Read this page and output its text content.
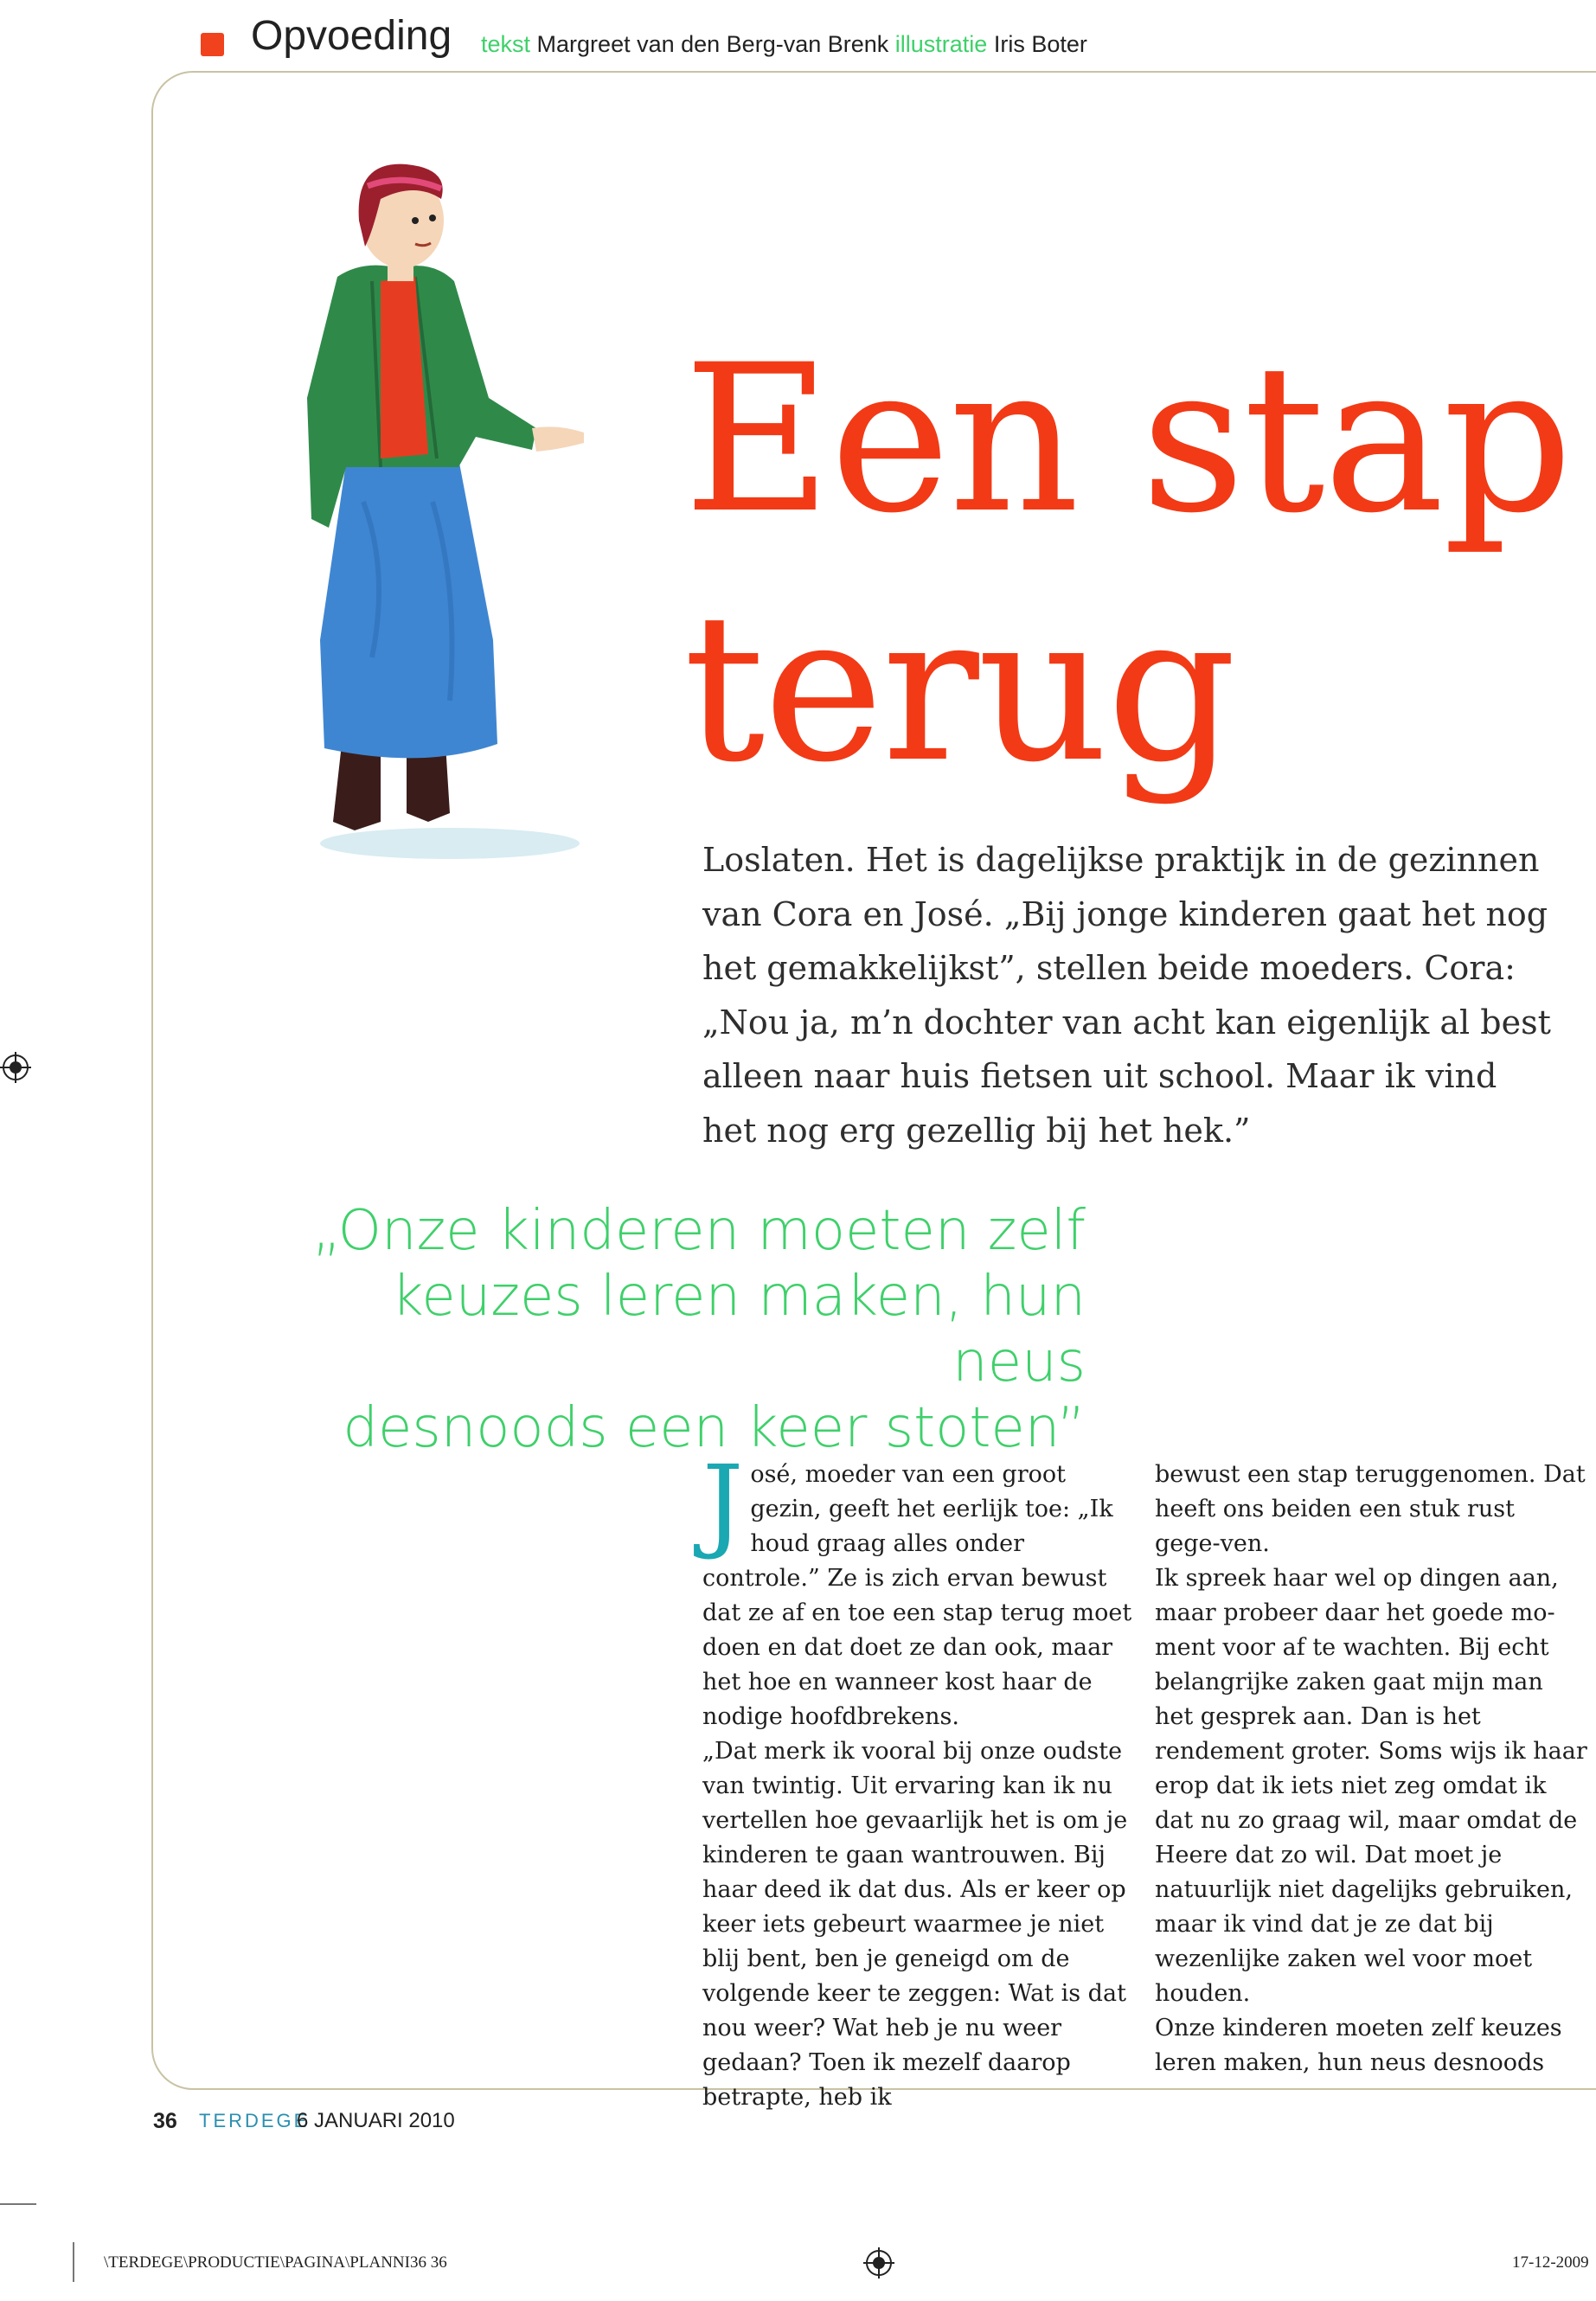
Opvoeding tekst Margreet van den Berg-van Brenk illustratie Iris Boter
Een stap
terug
Loslaten. Het is dagelijkse praktijk in de gezinnen van Cora en José. „Bij jonge kinderen gaat het nog het gemakkelijkst”, stellen beide moeders. Cora: „Nou ja, m’n dochter van acht kan eigenlijk al best alleen naar huis fietsen uit school. Maar ik vind het nog erg gezellig bij het hek.”
„Onze kinderen moeten zelf
keuzes leren maken, hun neus
desnoods een keer stoten”
J osé, moeder van een groot gezin, geeft het eerlijk toe: „Ik houd graag alles onder controle.” Ze is zich ervan bewust dat ze af en toe een stap terug moet doen en dat doet ze dan ook, maar het hoe en wanneer kost haar de nodige hoofdbrekens.

„Dat merk ik vooral bij onze oudste van twintig. Uit ervaring kan ik nu vertellen hoe gevaarlijk het is om je kinderen te gaan wantrouwen. Bij haar deed ik dat dus. Als er keer op keer iets gebeurt waarmee je niet blij bent, ben je geneigd om de volgende keer te zeggen: Wat is dat nou weer? Wat heb je nu weer gedaan? Toen ik mezelf daarop betrapte, heb ik

bewust een stap teruggenomen. Dat heeft ons beiden een stuk rust gege-ven.

Ik spreek haar wel op dingen aan, maar probeer daar het goede mo-ment voor af te wachten. Bij echt belangrijke zaken gaat mijn man het gesprek aan. Dan is het rendement groter. Soms wijs ik haar erop dat ik iets niet zeg omdat ik dat nu zo graag wil, maar omdat de Heere dat zo wil. Dat moet je natuurlijk niet dagelijks gebruiken, maar ik vind dat je ze dat bij wezenlijke zaken wel voor moet houden.

Onze kinderen moeten zelf keuzes leren maken, hun neus desnoods

36 TERDEGE
6 JANUARI 2010
\TERDEGE\PRODUCTIE\PAGINA\PLANNI36 36	17-12-2009
